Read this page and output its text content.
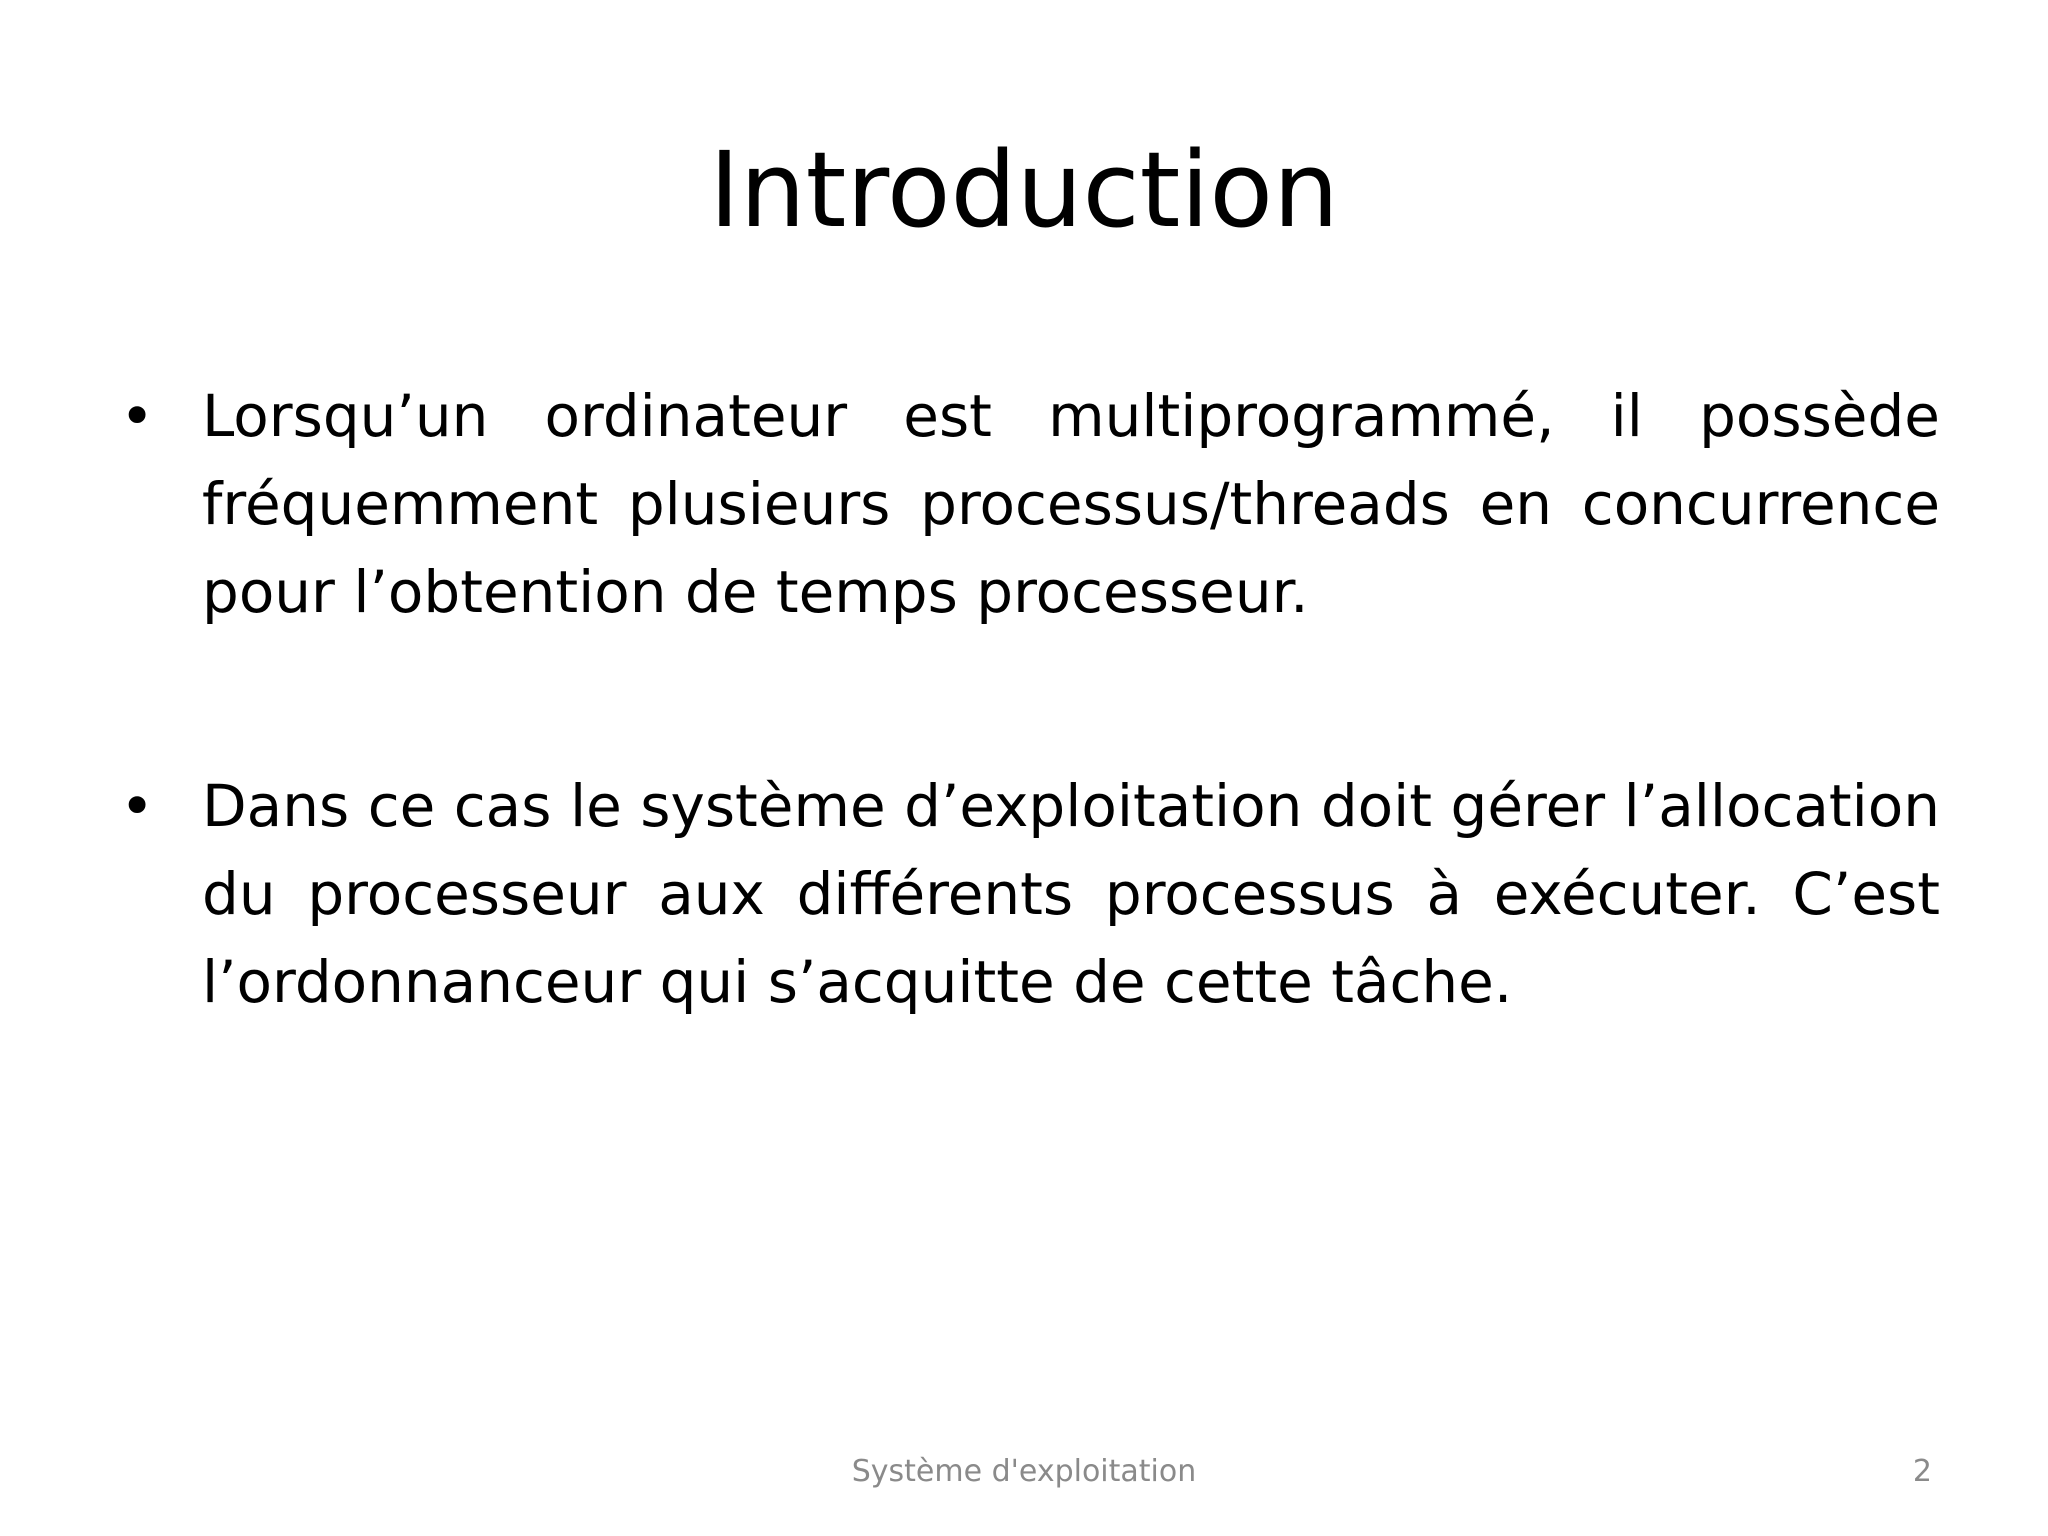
Introduction
• Lorsqu’un ordinateur est multiprogrammé, il possède fréquemment plusieurs processus/threads en concurrence pour l’obtention de temps processeur.
• Dans ce cas le système d’exploitation doit gérer l’allocation du processeur aux différents processus à exécuter. C’est l’ordonnanceur qui s’acquitte de cette tâche.
Système d'exploitation	2
